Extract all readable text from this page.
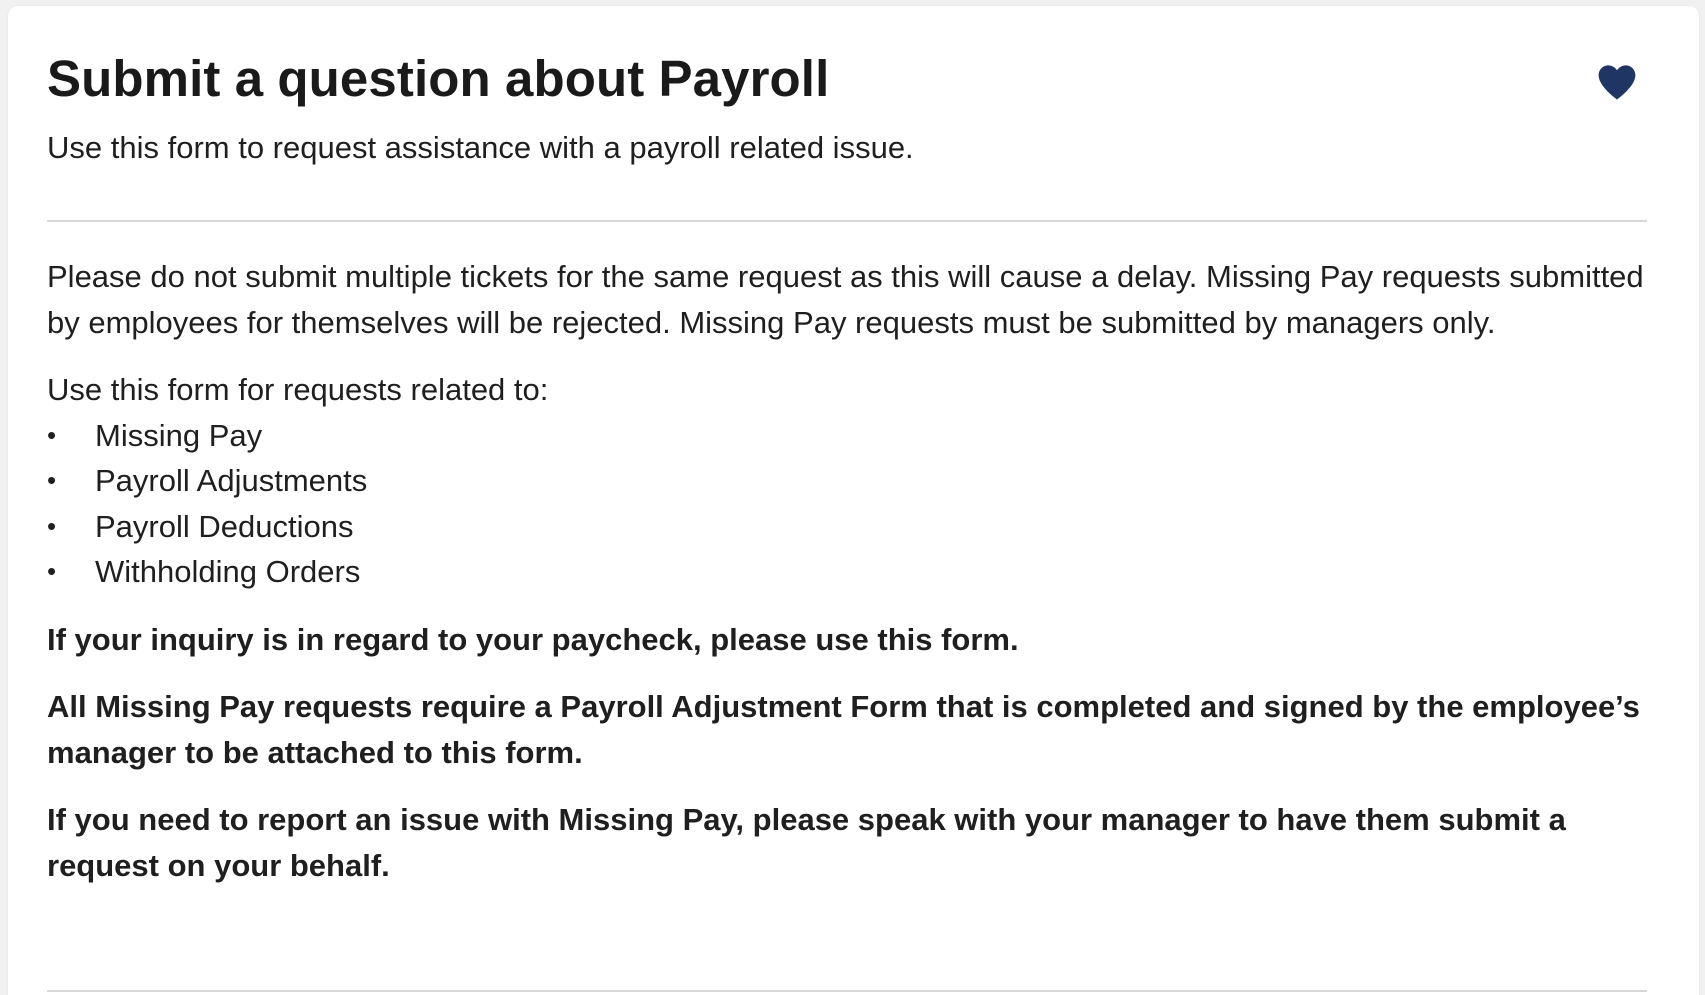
Submit a question about Payroll
Use this form to request assistance with a payroll related issue.

Please do not submit multiple tickets for the same request as this will cause a delay. Missing Pay requests submitted by employees for themselves will be rejected. Missing Pay requests must be submitted by managers only.

Use this form for requests related to:
• Missing Pay
• Payroll Adjustments
• Payroll Deductions
• Withholding Orders

If your inquiry is in regard to your paycheck, please use this form.

All Missing Pay requests require a Payroll Adjustment Form that is completed and signed by the employee’s manager to be attached to this form.

If you need to report an issue with Missing Pay, please speak with your manager to have them submit a request on your behalf.
